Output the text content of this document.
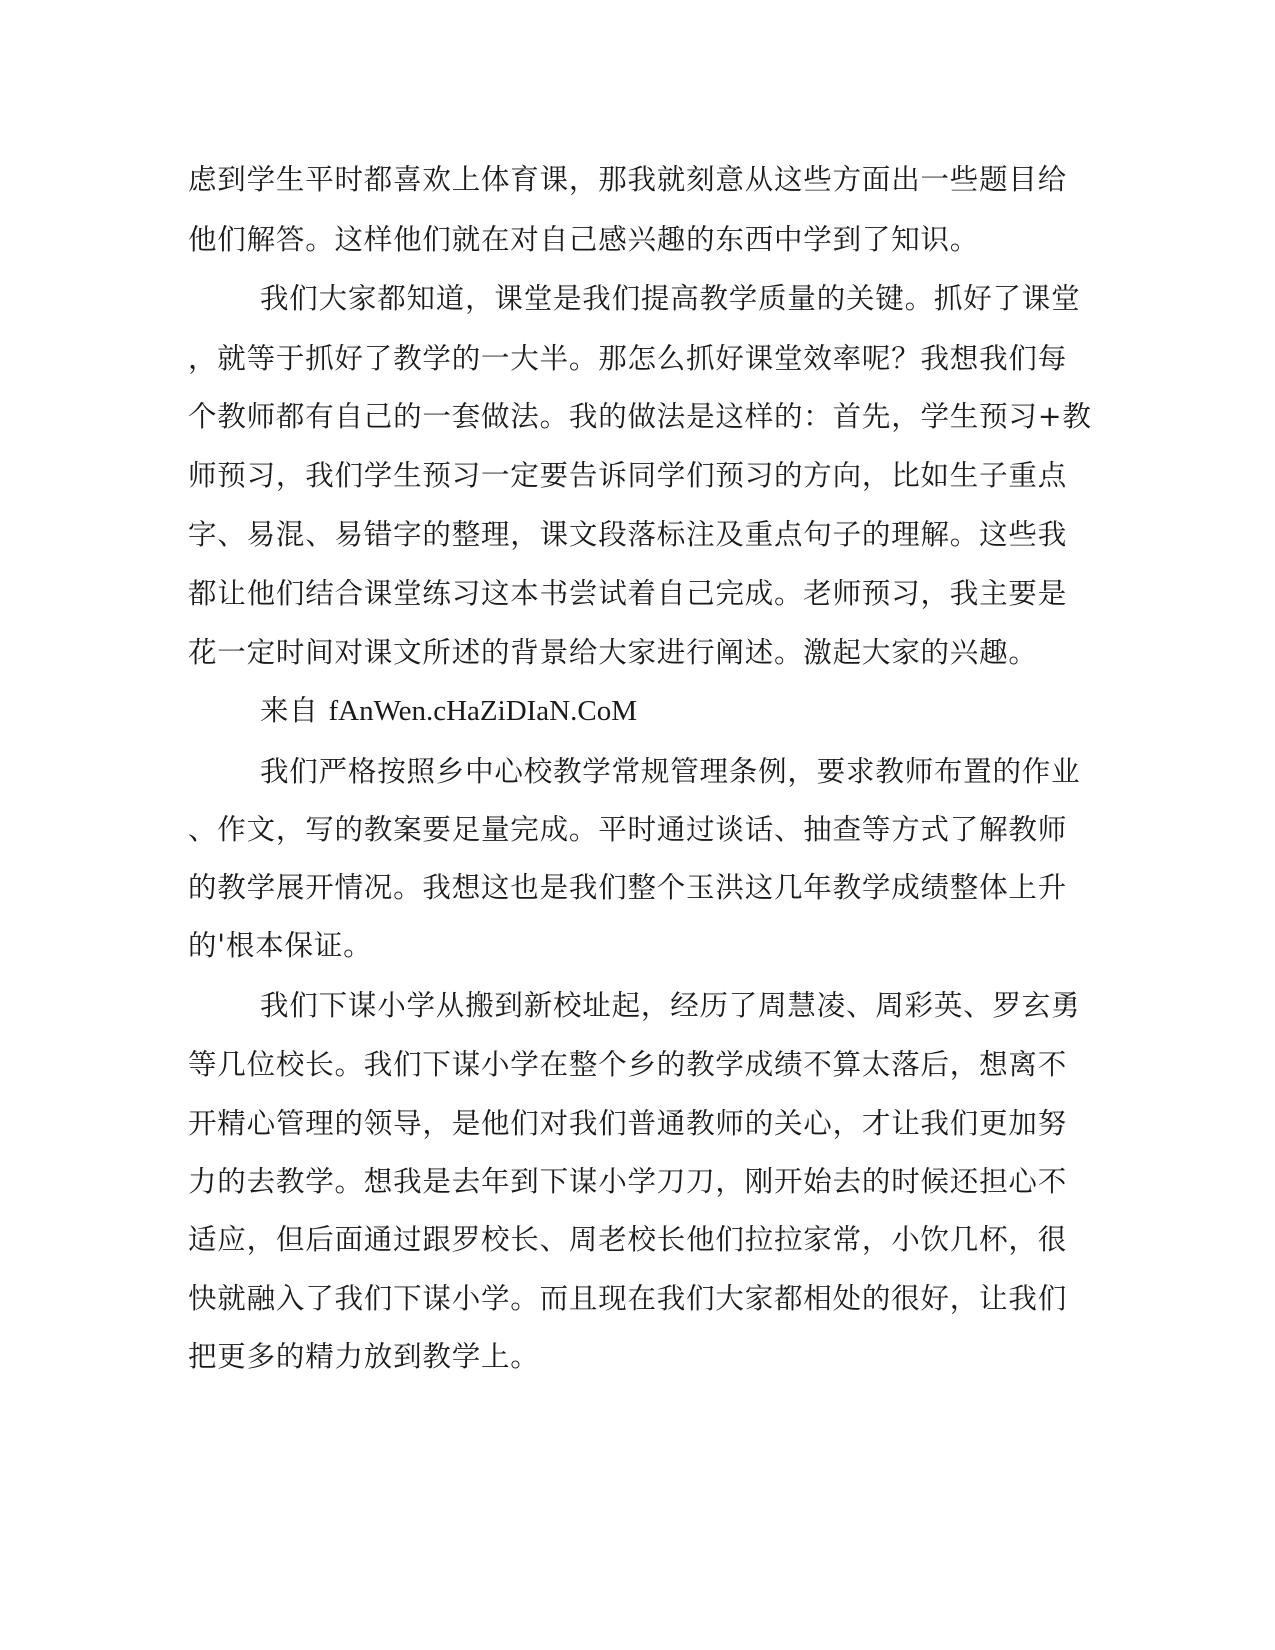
虑到学生平时都喜欢上体育课，那我就刻意从这些方面出一些题目给
他们解答。这样他们就在对自己感兴趣的东西中学到了知识。
我们大家都知道，课堂是我们提高教学质量的关键。抓好了课堂
，就等于抓好了教学的一大半。那怎么抓好课堂效率呢？我想我们每
个教师都有自己的一套做法。我的做法是这样的：首先，学生预习+教
师预习，我们学生预习一定要告诉同学们预习的方向，比如生子重点
字、易混、易错字的整理，课文段落标注及重点句子的理解。这些我
都让他们结合课堂练习这本书尝试着自己完成。老师预习，我主要是
花一定时间对课文所述的背景给大家进行阐述。激起大家的兴趣。
来自 fAnWen.cHaZiDIaN.CoM
我们严格按照乡中心校教学常规管理条例，要求教师布置的作业
、作文，写的教案要足量完成。平时通过谈话、抽查等方式了解教师
的教学展开情况。我想这也是我们整个玉洪这几年教学成绩整体上升
的'根本保证。
我们下谋小学从搬到新校址起，经历了周慧凌、周彩英、罗玄勇
等几位校长。我们下谋小学在整个乡的教学成绩不算太落后，想离不
开精心管理的领导，是他们对我们普通教师的关心，才让我们更加努
力的去教学。想我是去年到下谋小学刀刀，刚开始去的时候还担心不
适应，但后面通过跟罗校长、周老校长他们拉拉家常，小饮几杯，很
快就融入了我们下谋小学。而且现在我们大家都相处的很好，让我们
把更多的精力放到教学上。
